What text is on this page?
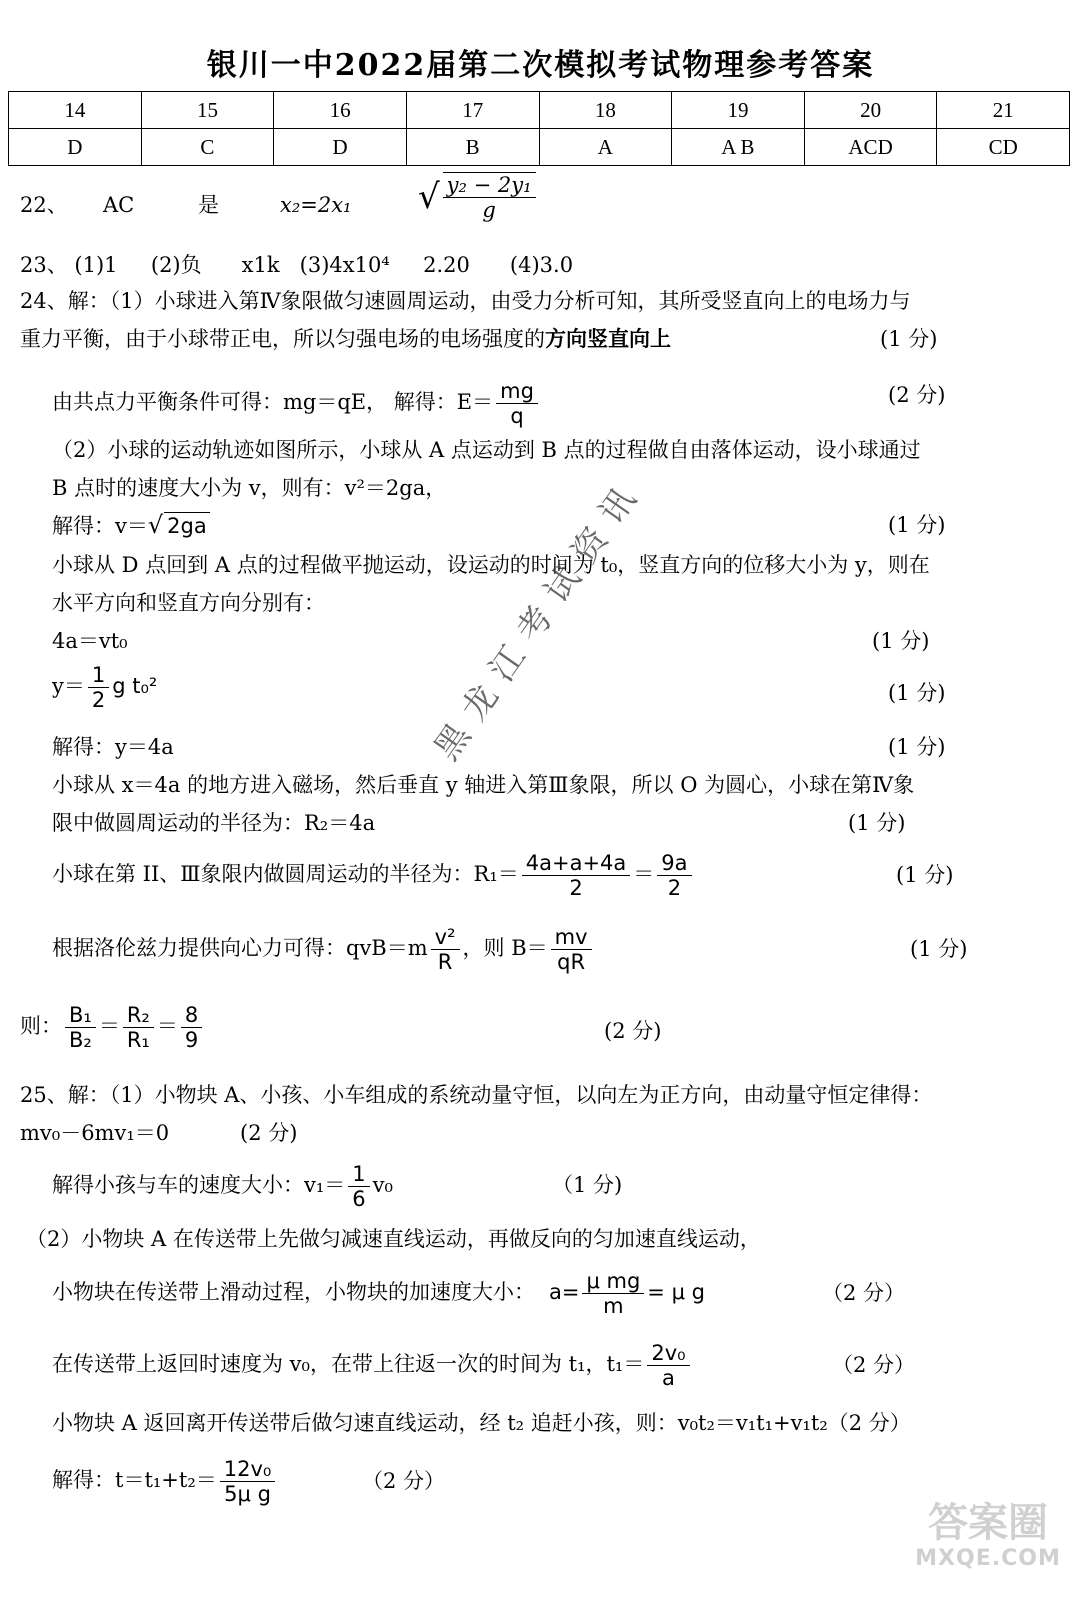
银川一中2022届第二次模拟考试物理参考答案
14	15	16	17	18	19	20	21
D	C	D	B	A	A B	ACD	CD
22、 AC	是	x₂=2x₁ √ $\frac{\text{y₂ − 2y₁}}{g}$
23、 (1)1     (2)负      x1k   (3)4x10⁴     2.20      (4)3.0
24、解：（1）小球进入第Ⅳ象限做匀速圆周运动，由受力分析可知，其所受竖直向上的电场力与
重力平衡，由于小球带正电，所以匀强电场的电场强度的方向竖直向上	(1 分)
由共点力平衡条件可得：mg＝qE， 解得：$E= \frac{mg}{q}$	(2 分)
（2）小球的运动轨迹如图所示，小球从 A 点运动到 B 点的过程做自由落体运动，设小球通过
B 点时的速度大小为 v，则有：v²＝2ga，
解得：v＝√ 2ga	(1 分)
小球从 D 点回到 A 点的过程做平抛运动，设运动的时间为 t₀，竖直方向的位移大小为 y，则在
水平方向和竖直方向分别有：
4a＝vt₀	(1 分)
$y= \frac{1}{2}$ g t₀²	(1 分)
解得：y＝4a	(1 分)
小球从 x＝4a 的地方进入磁场，然后垂直 y 轴进入第Ⅲ象限，所以 O 为圆心，小球在第Ⅳ象
限中做圆周运动的半径为：R₂＝4a	(1 分)
小球在第 II、Ⅲ象限内做圆周运动的半径为：$R_1= \frac{4a+a+4a}{2} = \frac{9a}{2}$	(1 分)
根据洛伦兹力提供向心力可得：$qvB=m \frac{\text{v²}}{R}$ ，则 $B= \frac{mv}{qR}$	(1 分)
则： $\frac{\text{B₁}}{\text{B₂}} = \frac{\text{R₂}}{\text{R₁}} = \frac{8}{9}$	(2 分)
25、解：（1）小物块 A、小孩、小车组成的系统动量守恒，以向左为正方向，由动量守恒定律得：
mv₀－6mv₁＝0	(2 分)
解得小孩与车的速度大小：$v_1= \frac{1}{6} v_0$	（1 分)
（2）小物块 A 在传送带上先做匀减速直线运动，再做反向的匀加速直线运动，
小物块在传送带上滑动过程，小物块的加速度大小： $a= \frac{\text{μ mg}}{m} = \mu$ g	（2 分）
在传送带上返回时速度为 v₀，在带上往返一次的时间为 t₁，$t_1= \frac{\text{2v₀}}{a}$	（2 分）
小物块 A 返回离开传送带后做匀速直线运动，经 t₂ 追赶小孩，则：v₀t₂＝v₁t₁+v₁t₂（2 分）
解得：$t=t_1+t_2= \frac{\text{12v₀}}{\text{5μ g}}$	（2 分）
黑龙江考试资讯
答案圈
MXQE.COM
